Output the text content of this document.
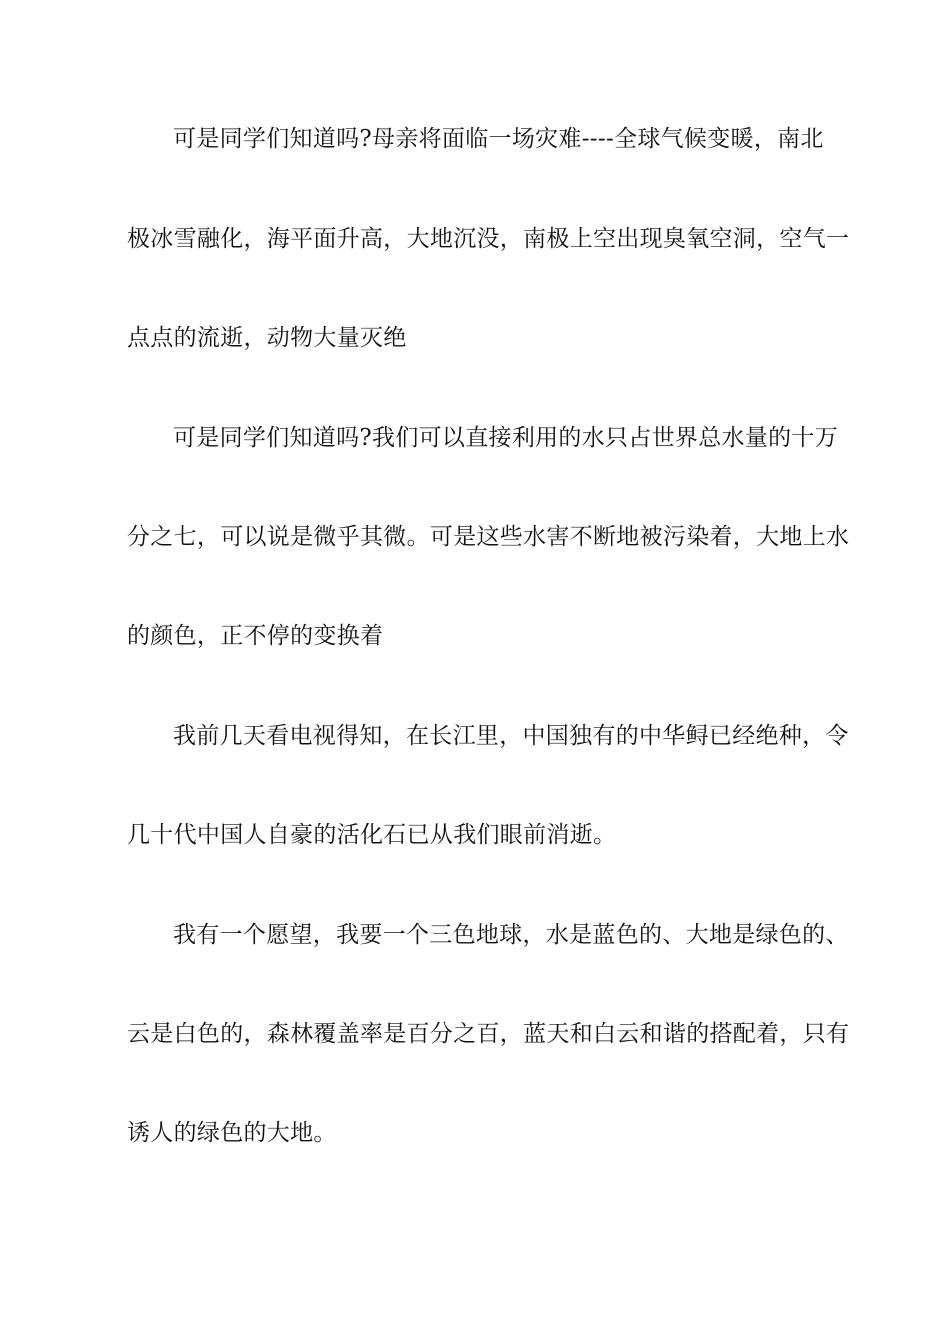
可是同学们知道吗?母亲将面临一场灾难----全球气候变暖，南北
极冰雪融化，海平面升高，大地沉没，南极上空出现臭氧空洞，空气一
点点的流逝，动物大量灭绝
可是同学们知道吗?我们可以直接利用的水只占世界总水量的十万
分之七，可以说是微乎其微。可是这些水害不断地被污染着，大地上水
的颜色，正不停的变换着
我前几天看电视得知，在长江里，中国独有的中华鲟已经绝种，令
几十代中国人自豪的活化石已从我们眼前消逝。
我有一个愿望，我要一个三色地球，水是蓝色的、大地是绿色的、
云是白色的，森林覆盖率是百分之百，蓝天和白云和谐的搭配着，只有
诱人的绿色的大地。
